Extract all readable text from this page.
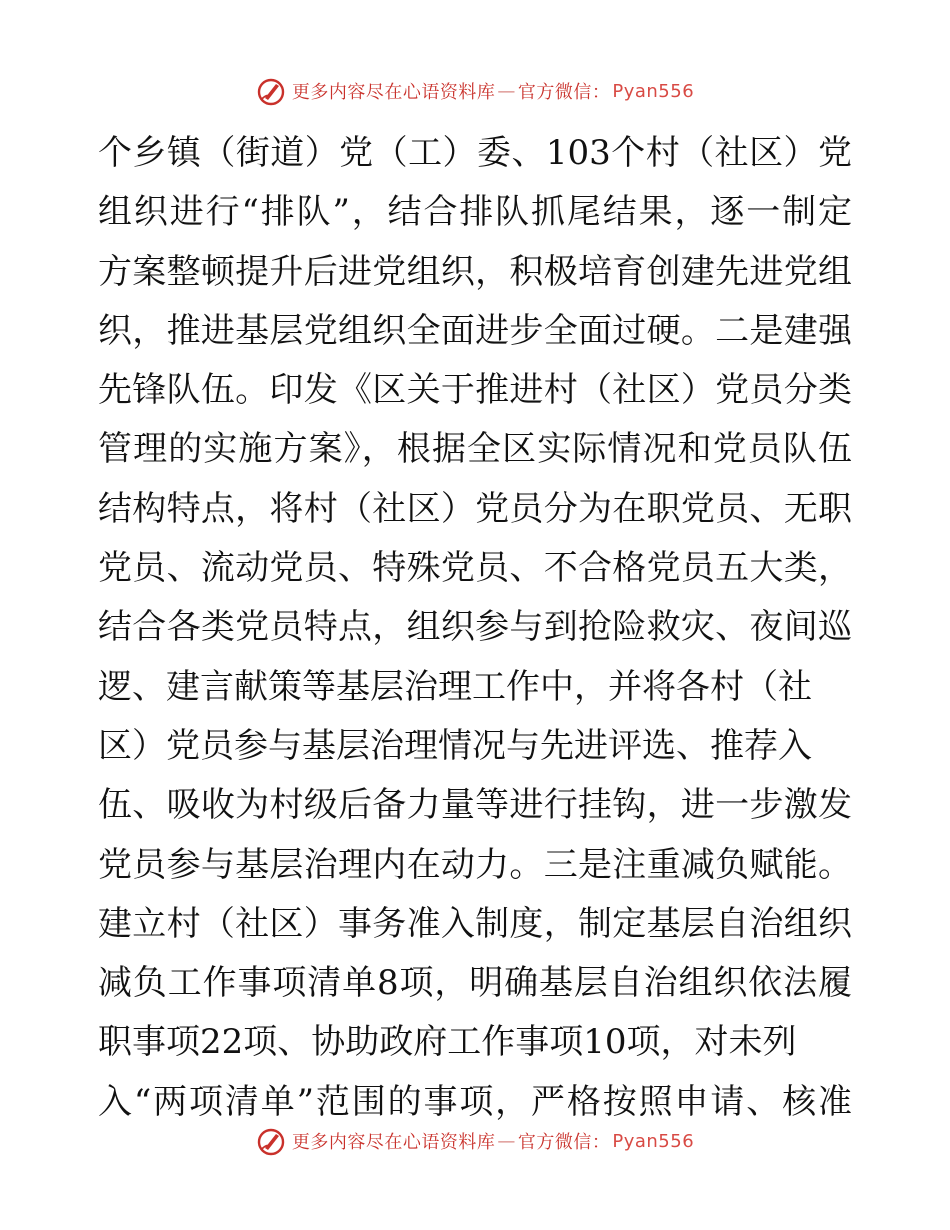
更多内容尽在心语资料库 — 官方微信： Pyan556
个乡镇（街道）党（工）委、103个村（社区）党
组织进行“排队”，结合排队抓尾结果，逐一制定
方案整顿提升后进党组织，积极培育创建先进党组
织，推进基层党组织全面进步全面过硬。二是建强
先锋队伍。印发《区关于推进村（社区）党员分类
管理的实施方案》，根据全区实际情况和党员队伍
结构特点，将村（社区）党员分为在职党员、无职
党员、流动党员、特殊党员、不合格党员五大类，
结合各类党员特点，组织参与到抢险救灾、夜间巡
逻、建言献策等基层治理工作中，并将各村（社
区）党员参与基层治理情况与先进评选、推荐入
伍、吸收为村级后备力量等进行挂钩，进一步激发
党员参与基层治理内在动力。三是注重减负赋能。
建立村（社区）事务准入制度，制定基层自治组织
减负工作事项清单8项，明确基层自治组织依法履
职事项22项、协助政府工作事项10项，对未列
入“两项清单”范围的事项，严格按照申请、核准
更多内容尽在心语资料库 — 官方微信： Pyan556
